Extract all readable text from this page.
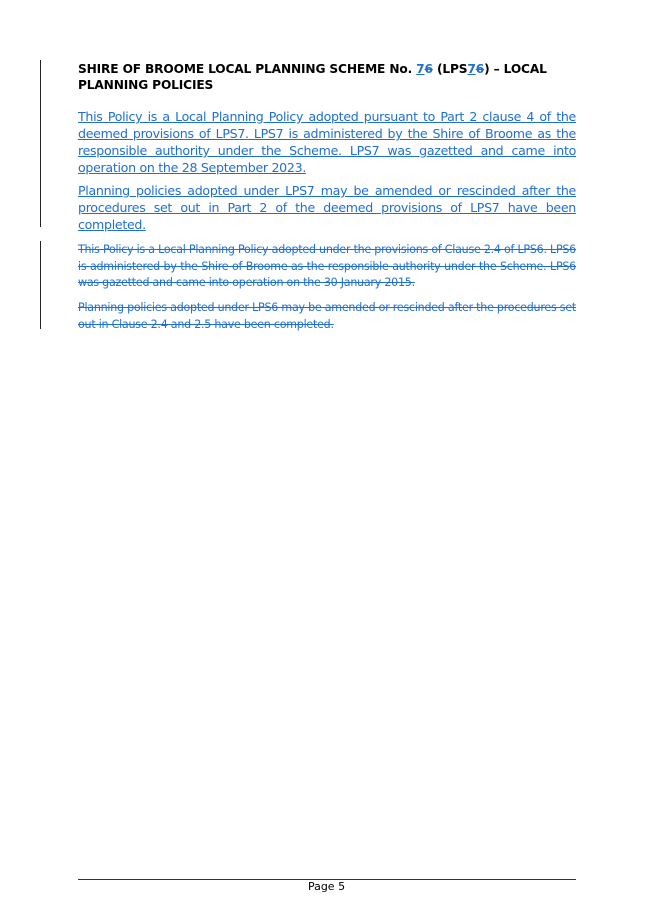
SHIRE OF BROOME LOCAL PLANNING SCHEME No. 76 (LPS76) – LOCAL PLANNING POLICIES
This Policy is a Local Planning Policy adopted pursuant to Part 2 clause 4 of the deemed provisions of LPS7. LPS7 is administered by the Shire of Broome as the responsible authority under the Scheme. LPS7 was gazetted and came into operation on the 28 September 2023.
Planning policies adopted under LPS7 may be amended or rescinded after the procedures set out in Part 2 of the deemed provisions of LPS7 have been completed.
This Policy is a Local Planning Policy adopted under the provisions of Clause 2.4 of LPS6. LPS6 is administered by the Shire of Broome as the responsible authority under the Scheme. LPS6 was gazetted and came into operation on the 30 January 2015.
Planning policies adopted under LPS6 may be amended or rescinded after the procedures set out in Clause 2.4 and 2.5 have been completed.
Page 5
